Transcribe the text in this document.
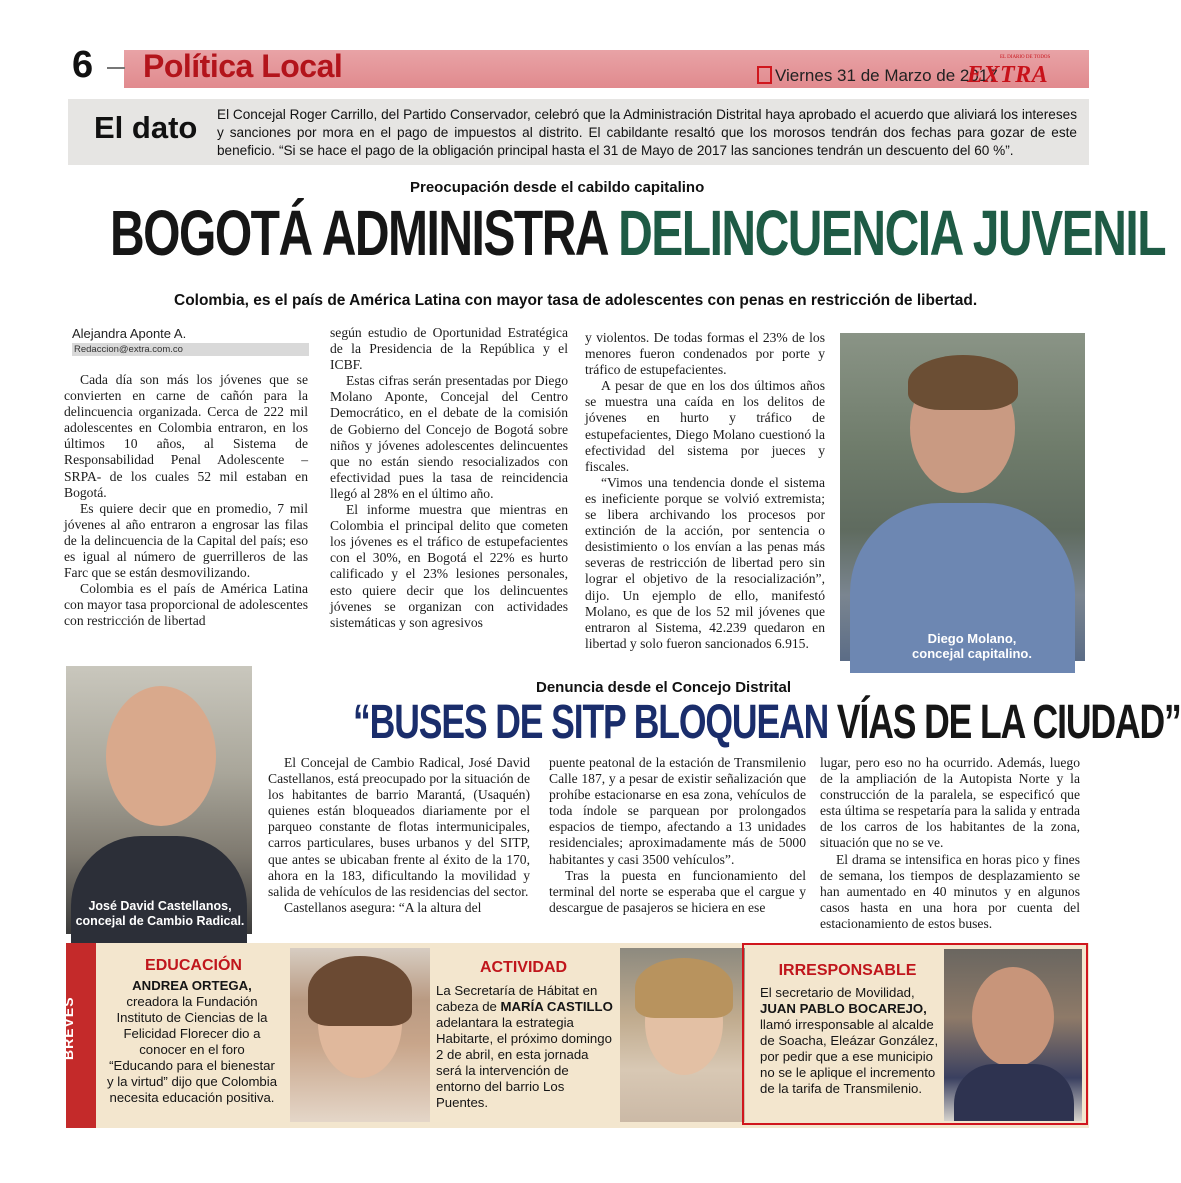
6 Política Local	Viernes 31 de Marzo de 2017
EL DIARIO DE TODOS
EXTRA
El dato El Concejal Roger Carrillo, del Partido Conservador, celebró que la Administración Distrital haya aprobado el acuerdo que aliviará los intereses y sanciones por mora en el pago de impuestos al distrito. El cabildante resaltó que los morosos tendrán dos fechas para gozar de este beneficio. “Si se hace el pago de la obligación principal hasta el 31 de Mayo de 2017 las sanciones tendrán un descuento del 60 %”.
Preocupación desde el cabildo capitalino
BOGOTÁ ADMINISTRA DELINCUENCIA JUVENIL
Colombia, es el país de América Latina con mayor tasa de adolescentes con penas en restricción de libertad.
Alejandra Aponte A.
Redaccion@extra.com.co

Cada día son más los jóvenes que se convierten en carne de cañón para la delincuencia organizada. Cerca de 222 mil adolescentes en Colombia entraron, en los últimos 10 años, al Sistema de Responsabilidad Penal Adolescente – SRPA- de los cuales 52 mil estaban en Bogotá.

Es quiere decir que en promedio, 7 mil jóvenes al año entraron a engrosar las filas de la delincuencia de la Capital del país; eso es igual al número de guerrilleros de las Farc que se están desmovilizando.

Colombia es el país de América Latina con mayor tasa proporcional de adolescentes con restricción de libertad

según estudio de Oportunidad Estratégica de la Presidencia de la República y el ICBF.

Estas cifras serán presentadas por Diego Molano Aponte, Concejal del Centro Democrático, en el debate de la comisión de Gobierno del Concejo de Bogotá sobre niños y jóvenes adolescentes delincuentes que no están siendo resocializados con efectividad pues la tasa de reincidencia llegó al 28% en el último año.

El informe muestra que mientras en Colombia el principal delito que cometen los jóvenes es el tráfico de estupefacientes con el 30%, en Bogotá el 22% es hurto calificado y el 23% lesiones personales, esto quiere decir que los delincuentes jóvenes se organizan con actividades sistemáticas y son agresivos

y violentos. De todas formas el 23% de los menores fueron condenados por porte y tráfico de estupefacientes.

A pesar de que en los dos últimos años se muestra una caída en los delitos de jóvenes en hurto y tráfico de estupefacientes, Diego Molano cuestionó la efectividad del sistema por jueces y fiscales.

“Vimos una tendencia donde el sistema es ineficiente porque se volvió extremista; se libera archivando los procesos por extinción de la acción, por sentencia o desistimiento o los envían a las penas más severas de restricción de libertad pero sin lograr el objetivo de la resocialización”, dijo. Un ejemplo de ello, manifestó Molano, es que de los 52 mil jóvenes que entraron al Sistema, 42.239 quedaron en libertad y solo fueron sancionados 6.915.	Diego Molano,
concejal capitalino.
José David Castellanos,
concejal de Cambio Radical.
Denuncia desde el Concejo Distrital
“BUSES DE SITP BLOQUEAN VÍAS DE LA CIUDAD”

El Concejal de Cambio Radical, José David Castellanos, está preocupado por la situación de los habitantes de barrio Marantá, (Usaquén) quienes están bloqueados diariamente por el parqueo constante de flotas intermunicipales, carros particulares, buses urbanos y del SITP, que antes se ubicaban frente al éxito de la 170, ahora en la 183, dificultando la movilidad y salida de vehículos de las residencias del sector.

Castellanos asegura: “A la altura del

puente peatonal de la estación de Transmilenio Calle 187, y a pesar de existir señalización que prohíbe estacionarse en esa zona, vehículos de toda índole se parquean por prolongados espacios de tiempo, afectando a 13 unidades residenciales; aproximadamente más de 5000 habitantes y casi 3500 vehículos”.

Tras la puesta en funcionamiento del terminal del norte se esperaba que el cargue y descargue de pasajeros se hiciera en ese

lugar, pero eso no ha ocurrido. Además, luego de la ampliación de la Autopista Norte y la construcción de la paralela, se especificó que esta última se respetaría para la salida y entrada de los carros de los habitantes de la zona, situación que no se ve.

El drama se intensifica en horas pico y fines de semana, los tiempos de desplazamiento se han aumentado en 40 minutos y en algunos casos hasta en una hora por cuenta del estacionamiento de estos buses.

BREVES
EDUCACIÓN
ANDREA ORTEGA, creadora la Fundación Instituto de Ciencias de la Felicidad Florecer dio a conocer en el foro “Educando para el bienestar y la virtud” dijo que Colombia necesita educación positiva.
ACTIVIDAD
La Secretaría de Hábitat en cabeza de MARÍA CASTILLO adelantara la estrategia Habitarte, el próximo domingo 2 de abril, en esta jornada será la intervención de entorno del barrio Los Puentes.
IRRESPONSABLE
El secretario de Movilidad, JUAN PABLO BOCAREJO, llamó irresponsable al alcalde de Soacha, Eleázar González, por pedir que a ese municipio no se le aplique el incremento de la tarifa de Transmilenio.
